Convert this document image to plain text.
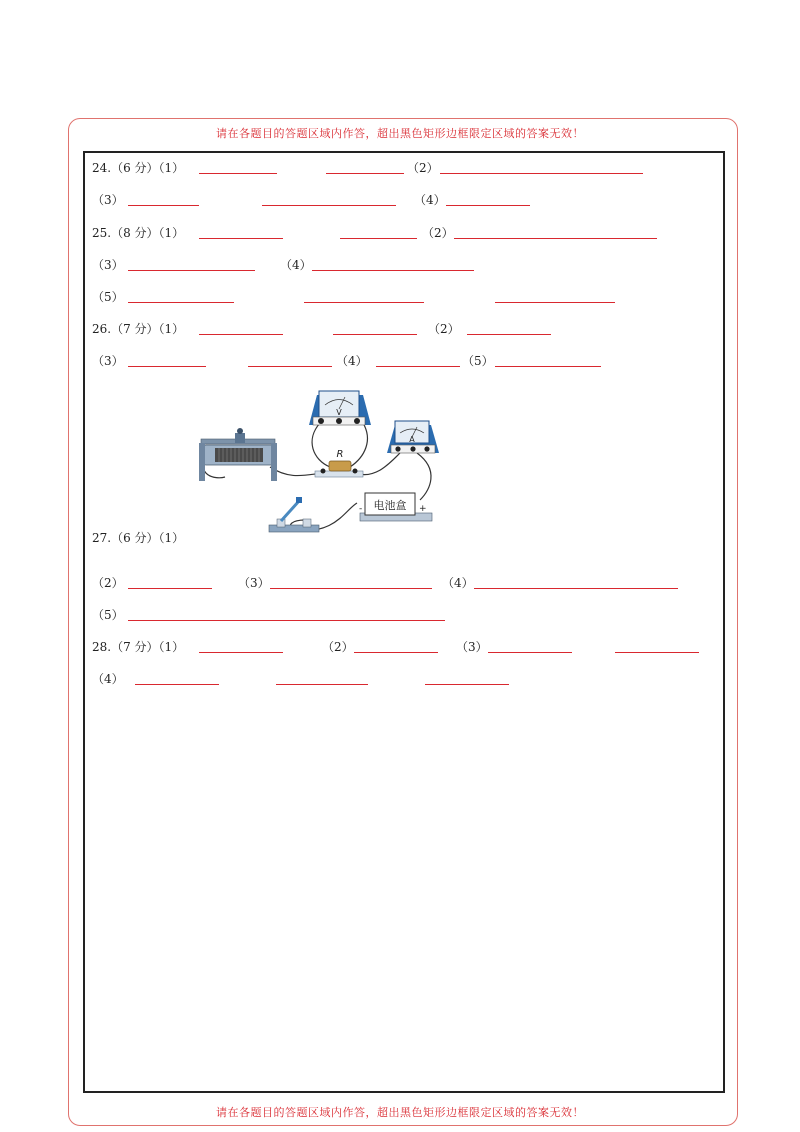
请在各题目的答题区域内作答，超出黑色矩形边框限定区域的答案无效！
请在各题目的答题区域内作答，超出黑色矩形边框限定区域的答案无效！
24.（6 分）（1）	（2）
（3）	（4）
25.（8 分）（1）	（2）
（3）	（4）
（5）
26.（7 分）（1）	（2）
（3）	（4）	（5）
V
A
R
电池盒
-	+
27.（6 分）（1）
（2）	（3）	（4）
（5）
28.（7 分）（1）	（2）	（3）
（4）
